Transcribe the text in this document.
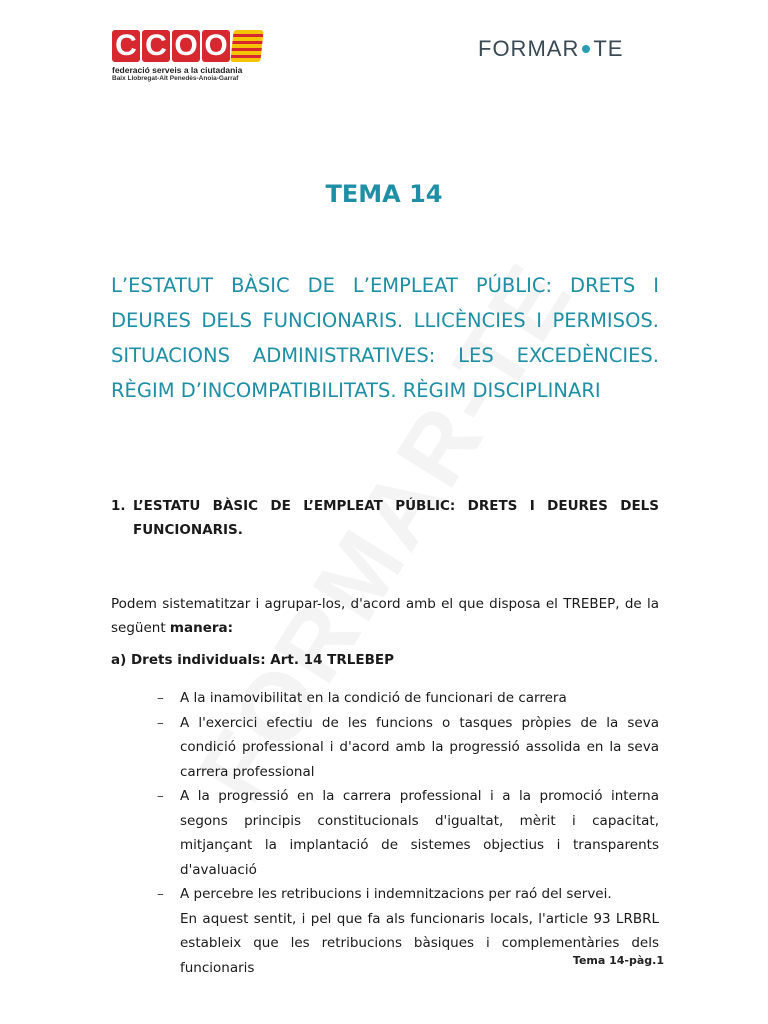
C C O O
federació serveis a la ciutadania
Baix Llobregat-Alt Penedès-Anoia-Garraf
FORMAR TE
TEMA 14
L’ESTATUT BÀSIC DE L’EMPLEAT PÚBLIC: DRETS I DEURES DELS FUNCIONARIS. LLICÈNCIES I PERMISOS. SITUACIONS ADMINISTRATIVES: LES EXCEDÈNCIES. RÈGIM D’INCOMPATIBILITATS. RÈGIM DISCIPLINARI
1. L’ESTATU BÀSIC DE L’EMPLEAT PÚBLIC: DRETS I DEURES DELS FUNCIONARIS.
Podem sistematitzar i agrupar-los, d'acord amb el que disposa el TREBEP, de la següent manera:
a) Drets individuals: Art. 14 TRLEBEP
– A la inamovibilitat en la condició de funcionari de carrera
– A l'exercici efectiu de les funcions o tasques pròpies de la seva condició professional i d'acord amb la progressió assolida en la seva carrera professional
– A la progressió en la carrera professional i a la promoció interna segons principis constitucionals d'igualtat, mèrit i capacitat, mitjançant la implantació de sistemes objectius i transparents d'avaluació
– A percebre les retribucions i indemnitzacions per raó del servei.
En aquest sentit, i pel que fa als funcionaris locals, l'article 93 LRBRL estableix que les retribucions bàsiques i complementàries dels funcionaris	Tema 14-pàg.1
